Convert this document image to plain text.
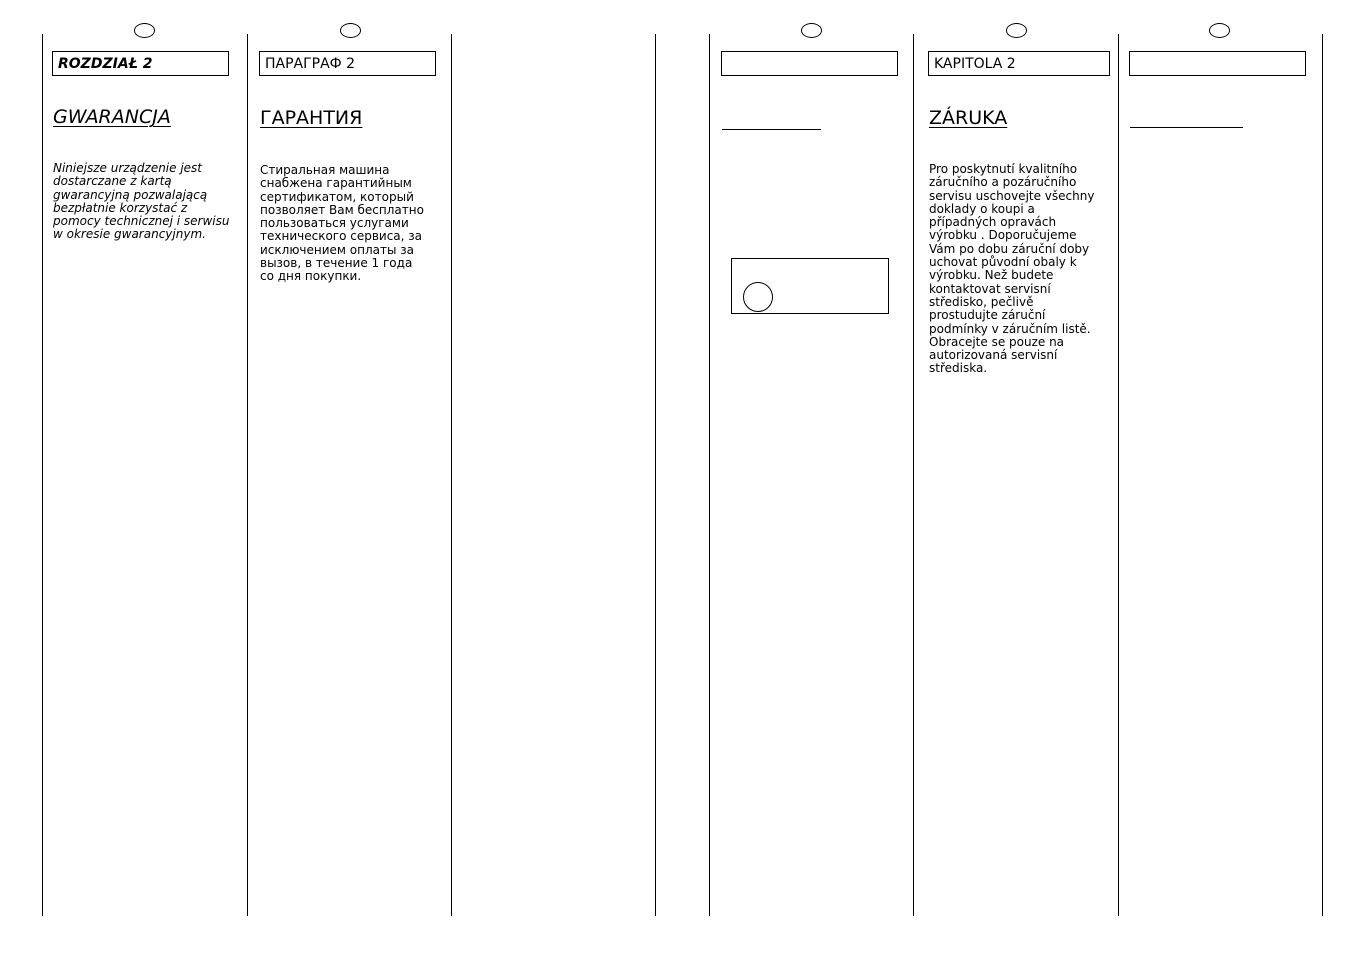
ROZDZIAŁ 2
GWARANCJA
Niniejsze urządzenie jest dostarczane z kartą gwarancyjną pozwalającą bezpłatnie korzystać z pomocy technicznej i serwisu w okresie gwarancyjnym.
ПАРАГРАФ 2
ГАРАНТИЯ
Стиральная машина снабжена гарантийным сертификатом, который позволяет Вам бесплатно пользоваться услугами технического сервиса, за исключением оплаты за вызов, в течение 1 года со дня покупки.
KAPITOLA 2
ZÁRUKA
Pro poskytnutí kvalitního záručního a pozáručního servisu uschovejte všechny doklady o koupi a případných opravách výrobku . Doporučujeme Vám po dobu záruční doby uchovat původní obaly k výrobku. Než budete kontaktovat servisní středisko, pečlivě prostudujte záruční podmínky v záručním listě. Obracejte se pouze na autorizovaná servisní střediska.
